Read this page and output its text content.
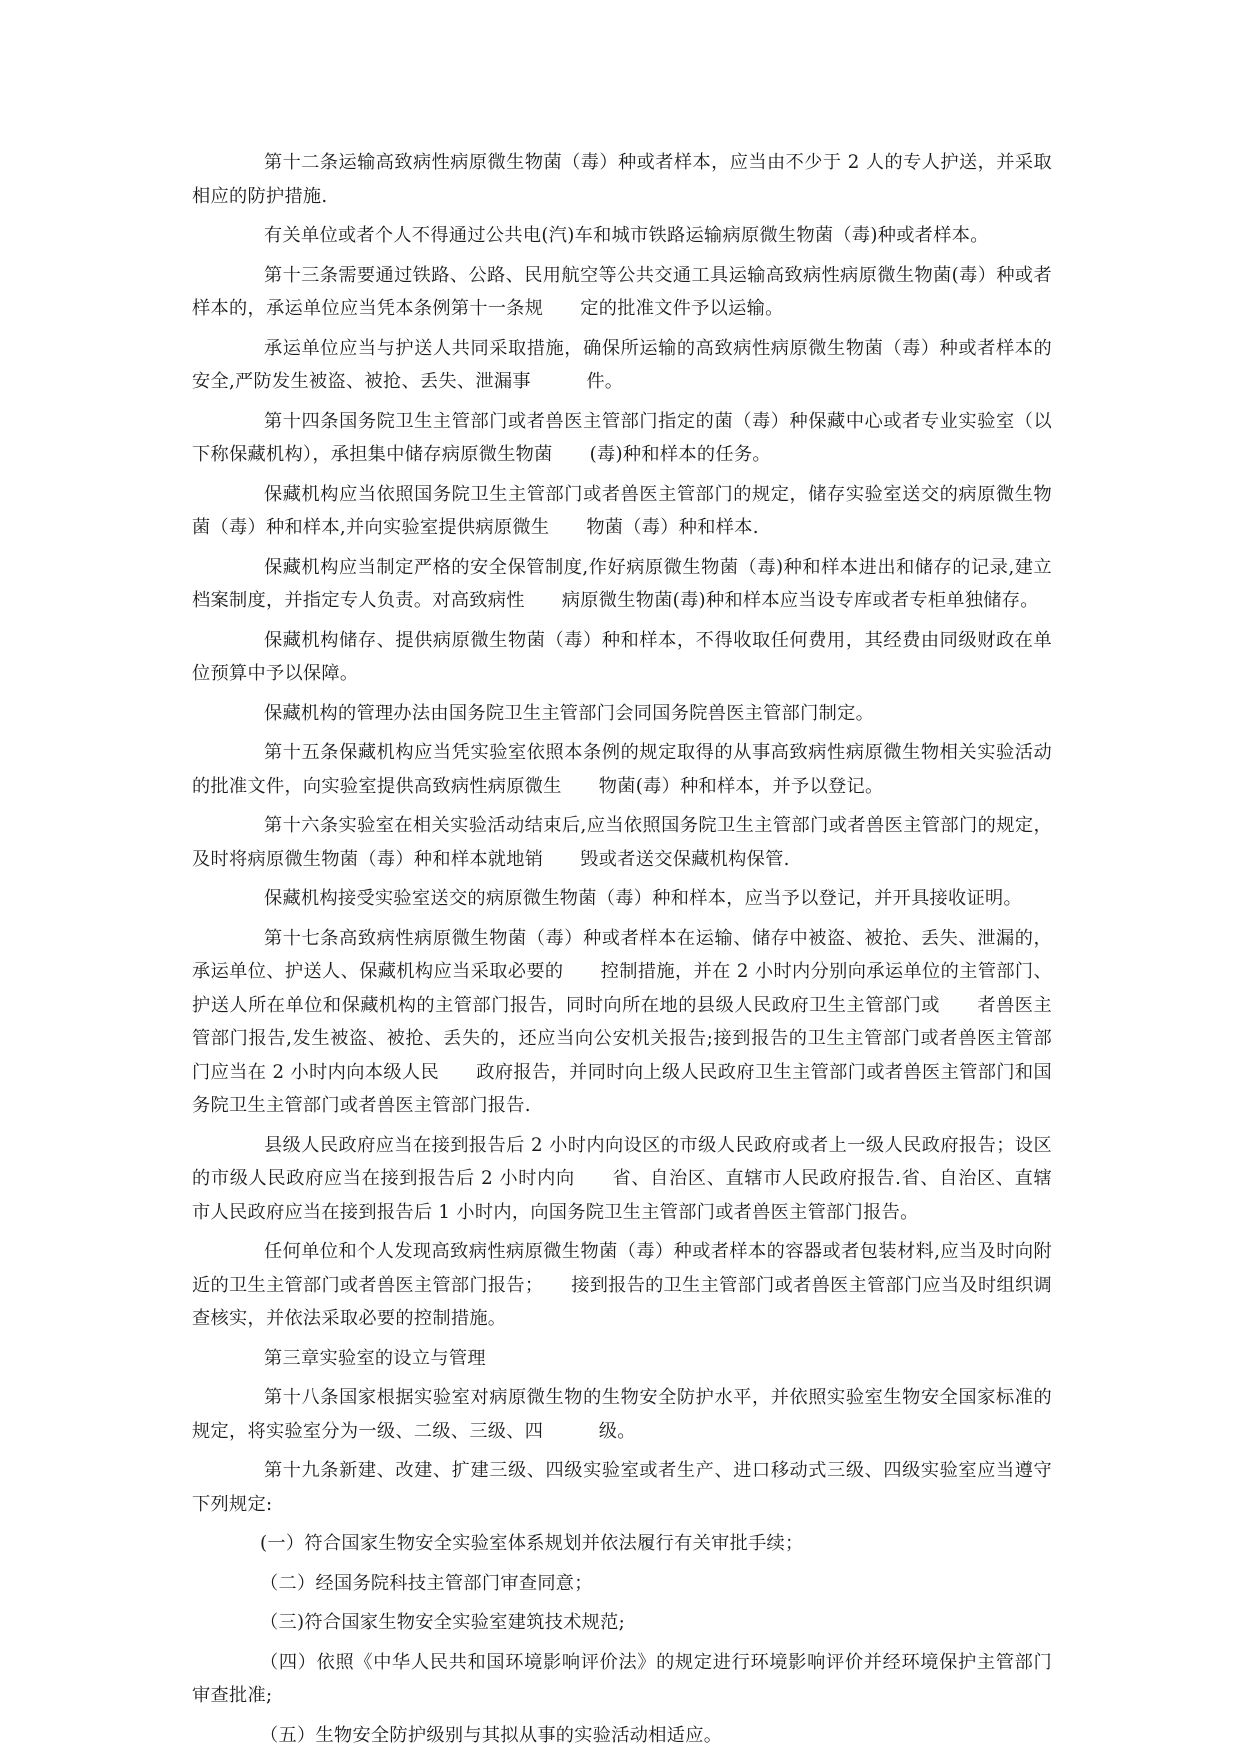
第十二条运输高致病性病原微生物菌（毒）种或者样本，应当由不少于 2 人的专人护送，并采取相应的防护措施.

有关单位或者个人不得通过公共电(汽)车和城市铁路运输病原微生物菌（毒)种或者样本。

第十三条需要通过铁路、公路、民用航空等公共交通工具运输高致病性病原微生物菌(毒）种或者样本的，承运单位应当凭本条例第十一条规　　定的批准文件予以运输。

承运单位应当与护送人共同采取措施，确保所运输的高致病性病原微生物菌（毒）种或者样本的安全,严防发生被盗、被抢、丢失、泄漏事　　　件。

第十四条国务院卫生主管部门或者兽医主管部门指定的菌（毒）种保藏中心或者专业实验室（以下称保藏机构），承担集中储存病原微生物菌　　(毒)种和样本的任务。

保藏机构应当依照国务院卫生主管部门或者兽医主管部门的规定，储存实验室送交的病原微生物菌（毒）种和样本,并向实验室提供病原微生　　物菌（毒）种和样本.

保藏机构应当制定严格的安全保管制度,作好病原微生物菌（毒)种和样本进出和储存的记录,建立档案制度，并指定专人负责。对高致病性　　病原微生物菌(毒)种和样本应当设专库或者专柜单独储存。

保藏机构储存、提供病原微生物菌（毒）种和样本，不得收取任何费用，其经费由同级财政在单位预算中予以保障。

保藏机构的管理办法由国务院卫生主管部门会同国务院兽医主管部门制定。

第十五条保藏机构应当凭实验室依照本条例的规定取得的从事高致病性病原微生物相关实验活动的批准文件，向实验室提供高致病性病原微生　　物菌(毒）种和样本，并予以登记。

第十六条实验室在相关实验活动结束后,应当依照国务院卫生主管部门或者兽医主管部门的规定，及时将病原微生物菌（毒）种和样本就地销　　毁或者送交保藏机构保管.

保藏机构接受实验室送交的病原微生物菌（毒）种和样本，应当予以登记，并开具接收证明。

第十七条高致病性病原微生物菌（毒）种或者样本在运输、储存中被盗、被抢、丢失、泄漏的，承运单位、护送人、保藏机构应当采取必要的　　控制措施，并在 2 小时内分别向承运单位的主管部门、护送人所在单位和保藏机构的主管部门报告，同时向所在地的县级人民政府卫生主管部门或　　者兽医主管部门报告,发生被盗、被抢、丢失的，还应当向公安机关报告;接到报告的卫生主管部门或者兽医主管部门应当在 2 小时内向本级人民　　政府报告，并同时向上级人民政府卫生主管部门或者兽医主管部门和国务院卫生主管部门或者兽医主管部门报告.

县级人民政府应当在接到报告后 2 小时内向设区的市级人民政府或者上一级人民政府报告；设区的市级人民政府应当在接到报告后 2 小时内向　　省、自治区、直辖市人民政府报告.省、自治区、直辖市人民政府应当在接到报告后 1 小时内，向国务院卫生主管部门或者兽医主管部门报告。

任何单位和个人发现高致病性病原微生物菌（毒）种或者样本的容器或者包装材料,应当及时向附近的卫生主管部门或者兽医主管部门报告；　　接到报告的卫生主管部门或者兽医主管部门应当及时组织调查核实，并依法采取必要的控制措施。

第三章实验室的设立与管理

第十八条国家根据实验室对病原微生物的生物安全防护水平，并依照实验室生物安全国家标准的规定，将实验室分为一级、二级、三级、四　　　级。

第十九条新建、改建、扩建三级、四级实验室或者生产、进口移动式三级、四级实验室应当遵守下列规定:

(一）符合国家生物安全实验室体系规划并依法履行有关审批手续；

（二）经国务院科技主管部门审查同意；

（三)符合国家生物安全实验室建筑技术规范;

（四）依照《中华人民共和国环境影响评价法》的规定进行环境影响评价并经环境保护主管部门审查批准;

（五）生物安全防护级别与其拟从事的实验活动相适应。
